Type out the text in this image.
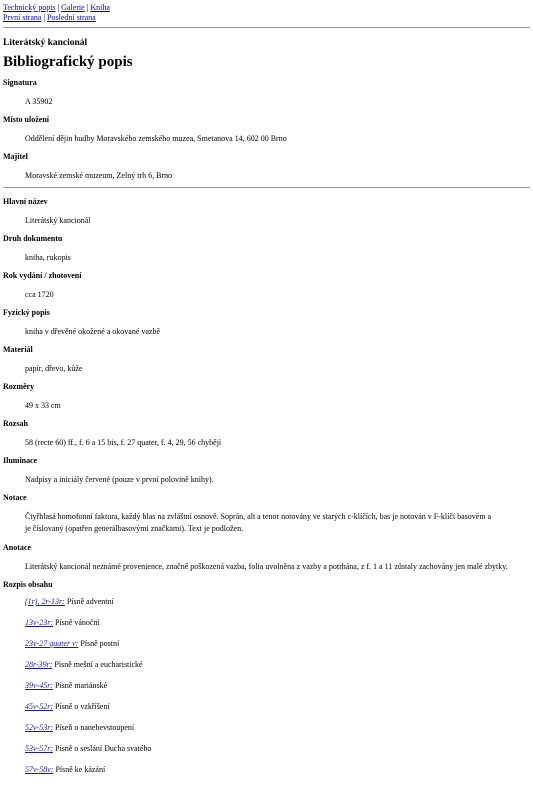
Technický popis | Galerie | Kniha
První strana | Poslední strana
Literátský kancionál
Bibliografický popis
Signatura
A 35902
Místo uložení
Oddělení dějin hudby Moravského zemského muzea, Smetanova 14, 602 00 Brno
Majitel
Moravské zemské muzeum, Zelný trh 6, Brno
Hlavní název
Literátský kancionál
Druh dokumentu
kniha, rukopis
Rok vydání / zhotovení
cca 1720
Fyzický popis
kniha v dřevěné okožené a okované vazbě
Materiál
papír, dřevo, kůže
Rozměry
49 x 33 cm
Rozsah
58 (recte 60) ff., f. 6 a 15 bis, f. 27 quater, f. 4, 29, 56 chybějí
Iluminace
Nadpisy a iniciály červené (pouze v první polovině knihy).
Notace
Čtyřhlasá homofonní faktura, každý hlas na zvláštní osnově. Soprán, alt a tenor notovány ve starých c-klíčích, bas je notován v F-klíči basovém a je číslovaný (opatřen generálbasovými značkami). Text je podložen.
Anotace
Literátský kancionál neznámé provenience, značně poškozená vazba, folia uvolněna z vazby a potrhána, z f. 1 a 11 zůstaly zachovány jen malé zbytky.
Rozpis obsahu
(1r), 2r-13r: Písně adventní
13v-23r: Písně vánoční
23v-27 quater v: Písně postní
28r-39r: Písně mešní a eucharistické
39v-45r: Písně mariánské
45v-52r: Písně o vzkříšení
52v-53r: Píseň o nanebevstoupení
53v-57r: Písně o seslání Ducha svatého
57v-58v: Písně ke kázání
